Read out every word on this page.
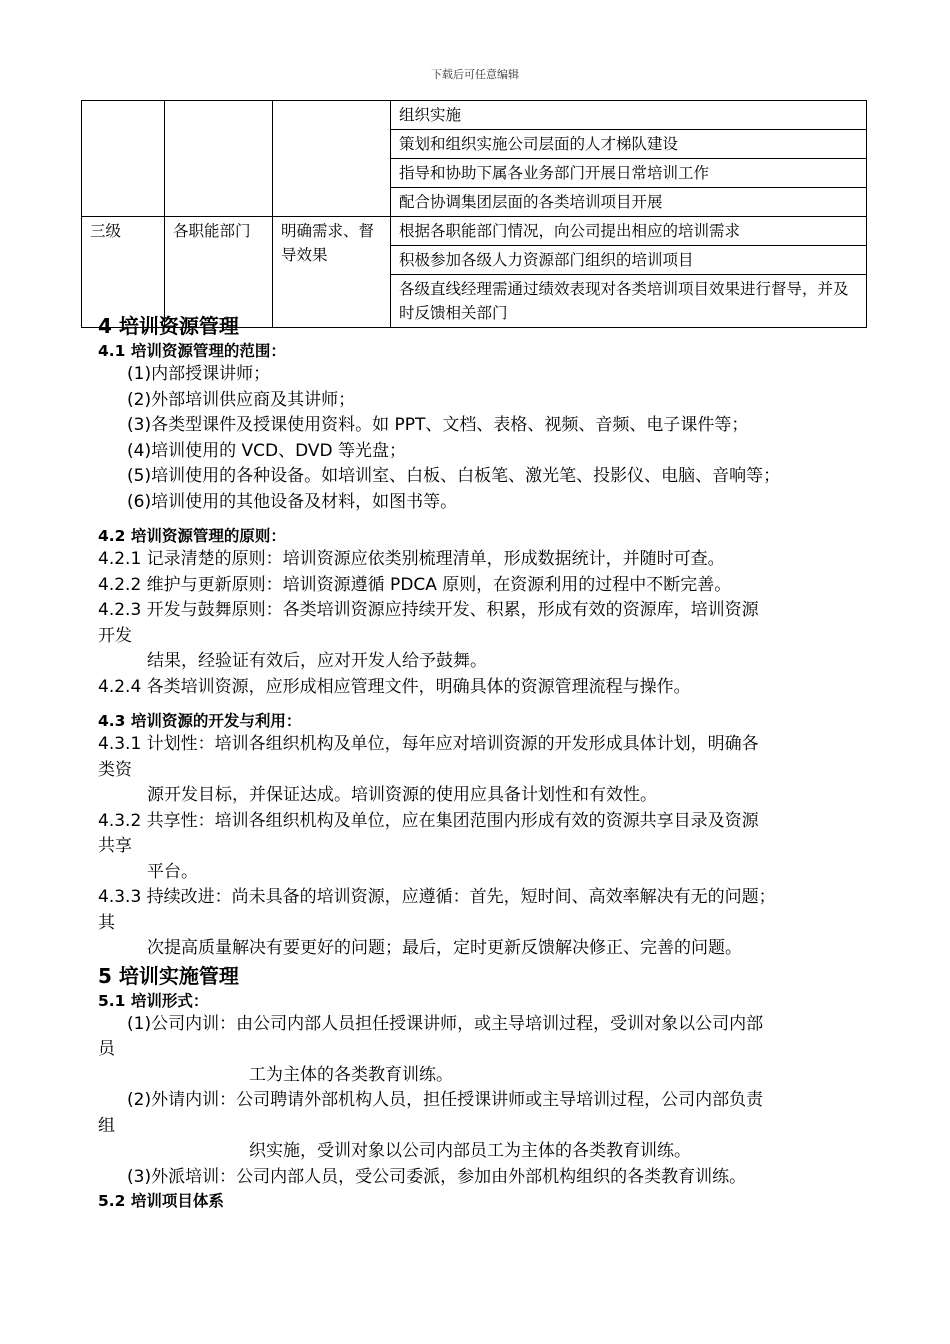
下载后可任意编辑
			组织实施
			策划和组织实施公司层面的人才梯队建设
			指导和协助下属各业务部门开展日常培训工作
			配合协调集团层面的各类培训项目开展
三级	各职能部门	明确需求、督导效果	根据各职能部门情况，向公司提出相应的培训需求
			积极参加各级人力资源部门组织的培训项目
			各级直线经理需通过绩效表现对各类培训项目效果进行督导，并及时反馈相关部门

4 培训资源管理

4.1 培训资源管理的范围：

(1)内部授课讲师；

(2)外部培训供应商及其讲师；

(3)各类型课件及授课使用资料。如 PPT、文档、表格、视频、音频、电子课件等；

(4)培训使用的 VCD、DVD 等光盘；

(5)培训使用的各种设备。如培训室、白板、白板笔、激光笔、投影仪、电脑、音响等；

(6)培训使用的其他设备及材料，如图书等。

4.2 培训资源管理的原则：

4.2.1 记录清楚的原则：培训资源应依类别梳理清单，形成数据统计，并随时可查。

4.2.2 维护与更新原则：培训资源遵循 PDCA 原则，在资源利用的过程中不断完善。

4.2.3 开发与鼓舞原则：各类培训资源应持续开发、积累，形成有效的资源库，培训资源

开发

结果，经验证有效后，应对开发人给予鼓舞。

4.2.4 各类培训资源，应形成相应管理文件，明确具体的资源管理流程与操作。

4.3 培训资源的开发与利用：

4.3.1 计划性：培训各组织机构及单位，每年应对培训资源的开发形成具体计划，明确各

类资

源开发目标，并保证达成。培训资源的使用应具备计划性和有效性。

4.3.2 共享性：培训各组织机构及单位，应在集团范围内形成有效的资源共享目录及资源

共享

平台。

4.3.3 持续改进：尚未具备的培训资源，应遵循：首先，短时间、高效率解决有无的问题；

其

次提高质量解决有要更好的问题；最后，定时更新反馈解决修正、完善的问题。

5 培训实施管理

5.1 培训形式：

(1)公司内训：由公司内部人员担任授课讲师，或主导培训过程，受训对象以公司内部

员

工为主体的各类教育训练。

(2)外请内训：公司聘请外部机构人员，担任授课讲师或主导培训过程，公司内部负责

组

织实施，受训对象以公司内部员工为主体的各类教育训练。

(3)外派培训：公司内部人员，受公司委派，参加由外部机构组织的各类教育训练。

5.2 培训项目体系
